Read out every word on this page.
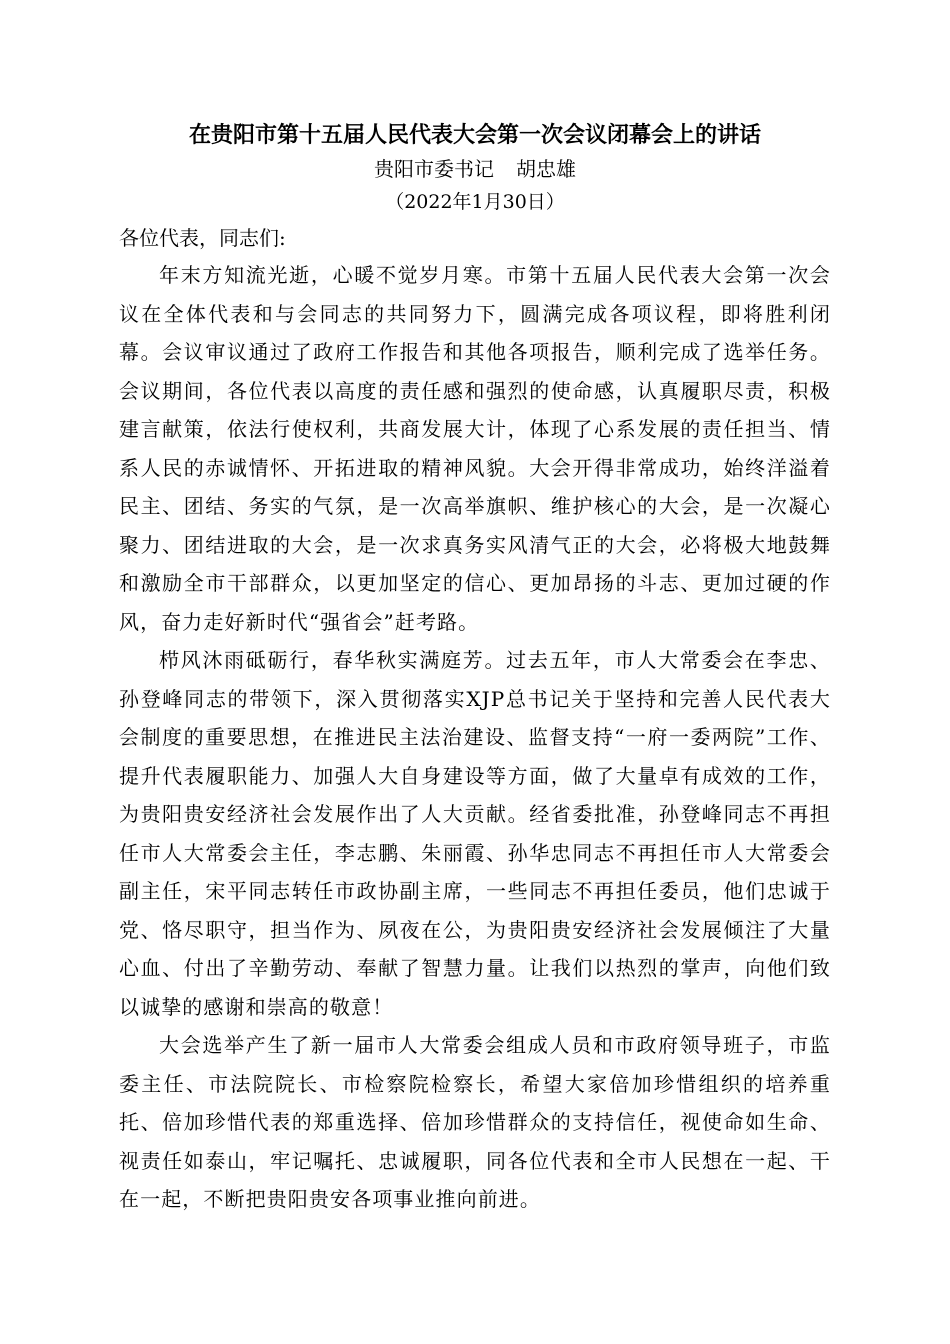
在贵阳市第十五届人民代表大会第一次会议闭幕会上的讲话

贵阳市委书记 胡忠雄

（2022年1月30日）

各位代表，同志们:

年末方知流光逝，心暖不觉岁月寒。市第十五届人民代表大会第一次会议在全体代表和与会同志的共同努力下，圆满完成各项议程，即将胜利闭幕。会议审议通过了政府工作报告和其他各项报告，顺利完成了选举任务。会议期间，各位代表以高度的责任感和强烈的使命感，认真履职尽责，积极建言献策，依法行使权利，共商发展大计，体现了心系发展的责任担当、情系人民的赤诚情怀、开拓进取的精神风貌。大会开得非常成功，始终洋溢着民主、团结、务实的气氛，是一次高举旗帜、维护核心的大会，是一次凝心聚力、团结进取的大会，是一次求真务实风清气正的大会，必将极大地鼓舞和激励全市干部群众，以更加坚定的信心、更加昂扬的斗志、更加过硬的作风，奋力走好新时代“强省会”赶考路。

栉风沐雨砥砺行，春华秋实满庭芳。过去五年，市人大常委会在李忠、孙登峰同志的带领下，深入贯彻落实XJP总书记关于坚持和完善人民代表大会制度的重要思想，在推进民主法治建设、监督支持“一府一委两院”工作、提升代表履职能力、加强人大自身建设等方面，做了大量卓有成效的工作，为贵阳贵安经济社会发展作出了人大贡献。经省委批准，孙登峰同志不再担任市人大常委会主任，李志鹏、朱丽霞、孙华忠同志不再担任市人大常委会副主任，宋平同志转任市政协副主席，一些同志不再担任委员，他们忠诚于党、恪尽职守，担当作为、夙夜在公，为贵阳贵安经济社会发展倾注了大量心血、付出了辛勤劳动、奉献了智慧力量。让我们以热烈的掌声，向他们致以诚挚的感谢和崇高的敬意！

大会选举产生了新一届市人大常委会组成人员和市政府领导班子，市监委主任、市法院院长、市检察院检察长，希望大家倍加珍惜组织的培养重托、倍加珍惜代表的郑重选择、倍加珍惜群众的支持信任，视使命如生命、视责任如泰山，牢记嘱托、忠诚履职，同各位代表和全市人民想在一起、干在一起，不断把贵阳贵安各项事业推向前进。
